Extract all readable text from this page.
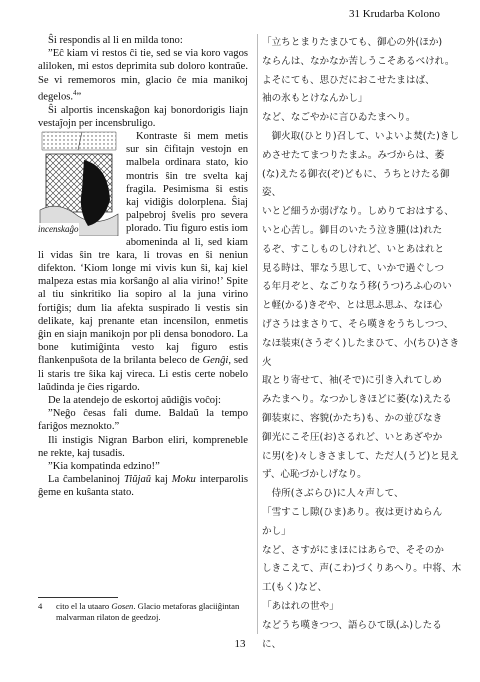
31 Krudarba Kolono

Ŝi respondis al li en milda tono:

”Eĉ kiam vi restos ĉi tie, sed se via koro vagos aliloken, mi estos deprimita sub doloro kontraŭe. Se vi rememoros min, glacio ĉe mia manikoj degelos.$^4$”

Ŝi alportis incenskaĝon kaj bonordorigis liajn vestaĵojn per incensbruligo.

incenskaĝo

Kontraste ŝi mem metis sur sin ĉifitajn vestojn en malbela ordinara stato, kio montris ŝin tre svelta kaj fragila. Pesimisma ŝi estis kaj vidiĝis dolorplena. Ŝiaj palpebroj ŝvelis pro severa plorado. Tiu figuro estis iom abomeninda al li, sed kiam li vidas ŝin tre kara, li trovas en ŝi neniun difekton. ‘Kiom longe mi vivis kun ŝi, kaj kiel malpeza estas mia korŝanĝo al alia virino!’ Spite al tiu sinkritiko lia sopiro al la juna virino fortiĝis; dum lia afekta suspirado li vestis sin delikate, kaj prenante etan incensilon, enmetis ĝin en siajn manikojn por pli densa bonodoro. La bone kutimiĝinta vesto kaj figuro estis flankenpuŝota de la brilanta beleco de Genĝi, sed li staris tre ŝika kaj vireca. Li estis certe nobelo laŭdinda je ĉies rigardo.

De la atendejo de eskortoj aŭdiĝis voĉoj:

”Neĝo ĉesas fali dume. Baldaŭ la tempo fariĝos meznokto.”

Ili instigis Nigran Barbon eliri, kompreneble ne rekte, kaj tusadis.

”Kia kompatinda edzino!”

La ĉambelaninoj Tiŭjaŭ kaj Moku interparolis ĝeme en kuŝanta stato.

「立ちとまりたまひても、御心の外(ほか)

ならんは、なかなか苦しうこそあるべけれ。

よそにても、思ひだにおこせたまはば、

袖の氷もとけなんかし」

など、なごやかに言ひゐたまへり。

　御火取(ひとり)召して、いよいよ焚(た)きし

めさせたてまつりたまふ。みづからは、萎

(な)えたる御衣(ぞ)どもに、うちとけたる御姿、

いとど細うか弱げなり。しめりておはする、

いと心苦し。御目のいたう泣き腫(は)れた

るぞ、すこしものしけれど、いとあはれと

見る時は、罪なう思して、いかで過ぐしつ

る年月ぞと、なごりなう移(うつ)ろふ心のい

と軽(かる)きぞや、とは思ふ思ふ、なほ心

げさうはまさりて、そら嘆きをうちしつつ、

なほ装束(さうぞく)したまひて、小(ちひ)さき火

取とり寄せて、袖(そで)に引き入れてしめ

みたまへり。なつかしきほどに萎(な)えたる

御装束に、容貌(かたち)も、かの並びなき

御光にこそ圧(お)さるれど、いとあざやか

に男(を)々しきさまして、ただ人(うど)と見え

ず、心恥づかしげなり。

　侍所(さぶらひ)に人々声して、

「雪すこし隙(ひま)あり。夜は更けぬらん

かし」

など、さすがにまほにはあらで、そそのか

しきこえて、声(こわ)づくりあへり。中将、木

工(もく)など、

「あはれの世や」

などうち嘆きつつ、語らひて臥(ふ)したる

に、

4 cito el la utaaro Gosen. Glacio metaforas glaciiĝintan malvarman rilaton de geedzoj.
13
